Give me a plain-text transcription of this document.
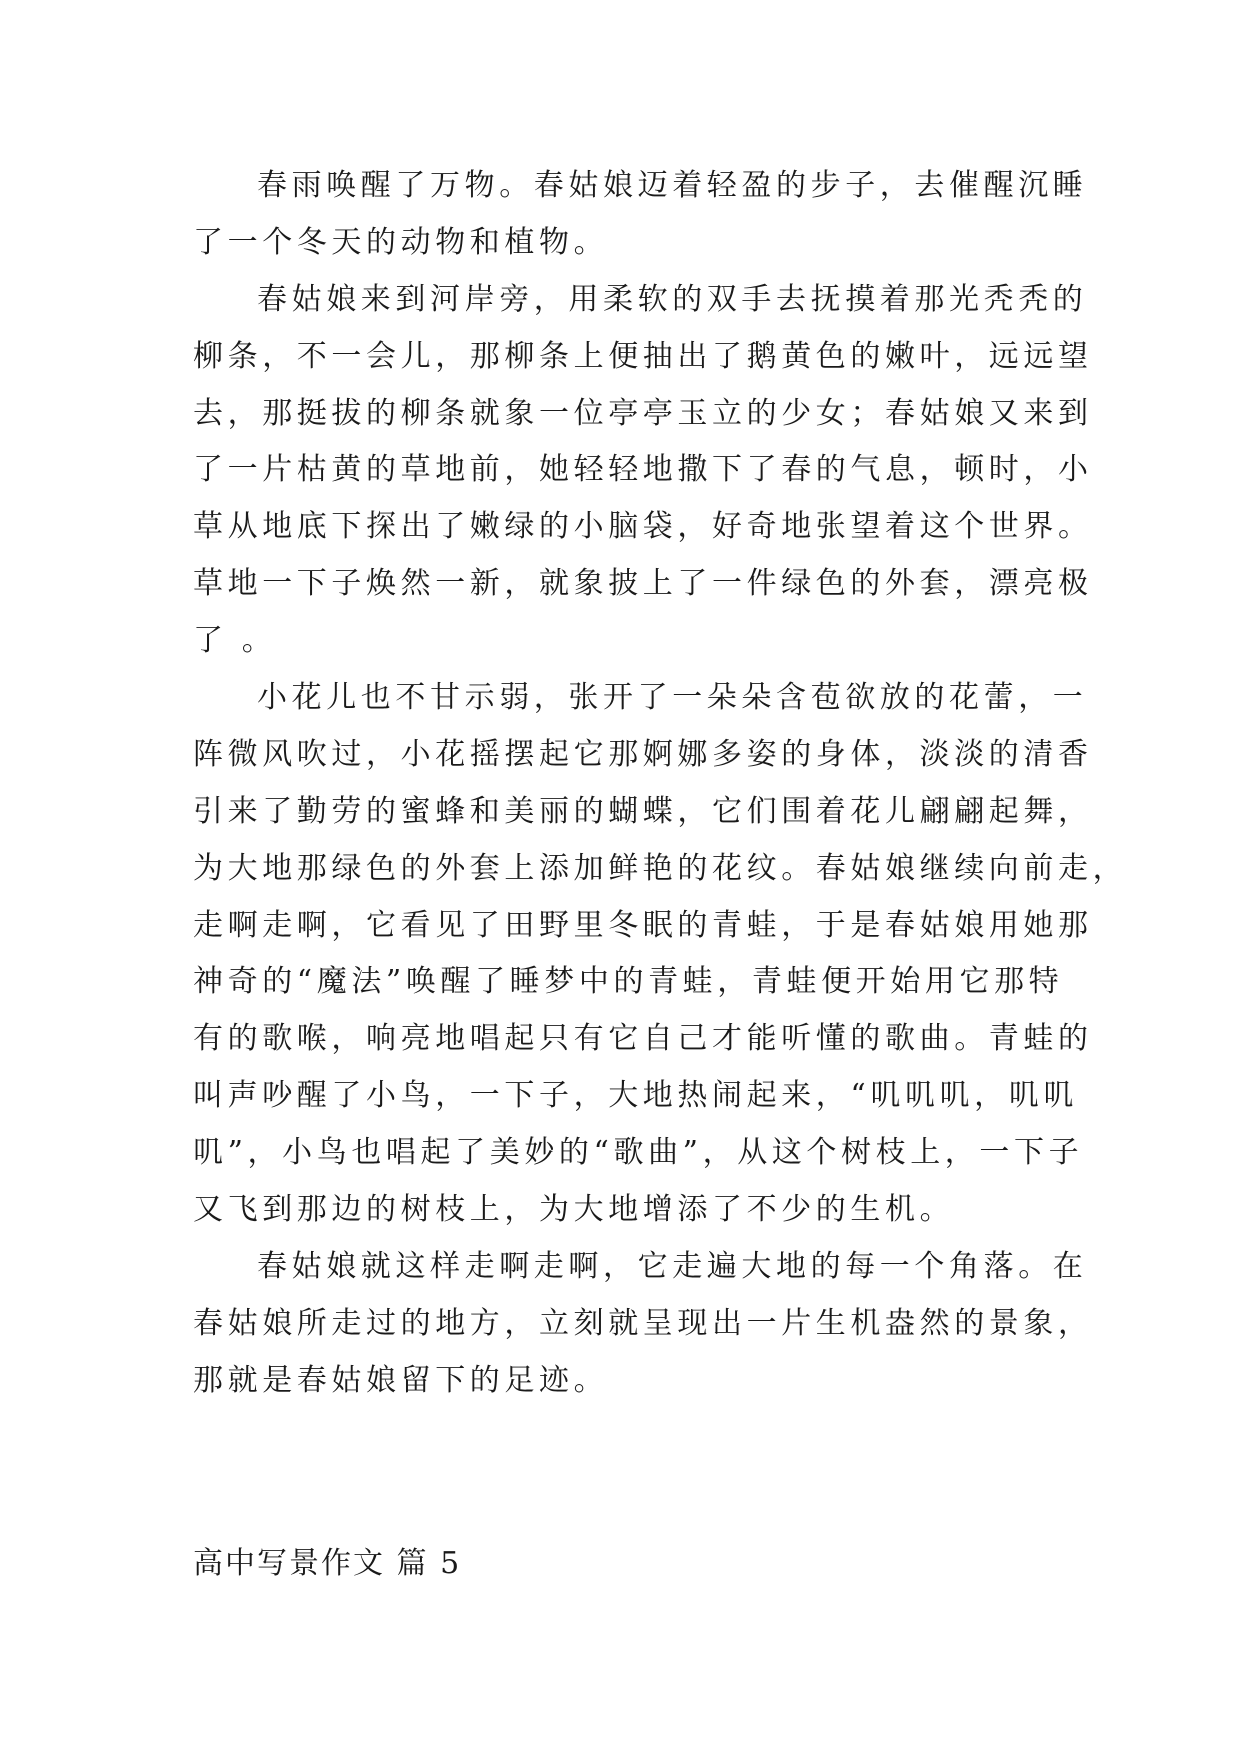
春雨唤醒了万物。春姑娘迈着轻盈的步子，去催醒沉睡
了一个冬天的动物和植物。
春姑娘来到河岸旁，用柔软的双手去抚摸着那光秃秃的
柳条，不一会儿，那柳条上便抽出了鹅黄色的嫩叶，远远望
去，那挺拔的柳条就象一位亭亭玉立的少女；春姑娘又来到
了一片枯黄的草地前，她轻轻地撒下了春的气息，顿时，小
草从地底下探出了嫩绿的小脑袋，好奇地张望着这个世界。
草地一下子焕然一新，就象披上了一件绿色的外套，漂亮极
了 。
小花儿也不甘示弱，张开了一朵朵含苞欲放的花蕾，一
阵微风吹过，小花摇摆起它那婀娜多姿的身体，淡淡的清香
引来了勤劳的蜜蜂和美丽的蝴蝶，它们围着花儿翩翩起舞，
为大地那绿色的外套上添加鲜艳的花纹。春姑娘继续向前走，
走啊走啊，它看见了田野里冬眠的青蛙，于是春姑娘用她那
神奇的“魔法”唤醒了睡梦中的青蛙，青蛙便开始用它那特
有的歌喉，响亮地唱起只有它自己才能听懂的歌曲。青蛙的
叫声吵醒了小鸟，一下子，大地热闹起来，“叽叽叽，叽叽
叽”，小鸟也唱起了美妙的“歌曲”，从这个树枝上，一下子
又飞到那边的树枝上，为大地增添了不少的生机。
春姑娘就这样走啊走啊，它走遍大地的每一个角落。在
春姑娘所走过的地方，立刻就呈现出一片生机盎然的景象，
那就是春姑娘留下的足迹。
高中写景作文 篇 5
